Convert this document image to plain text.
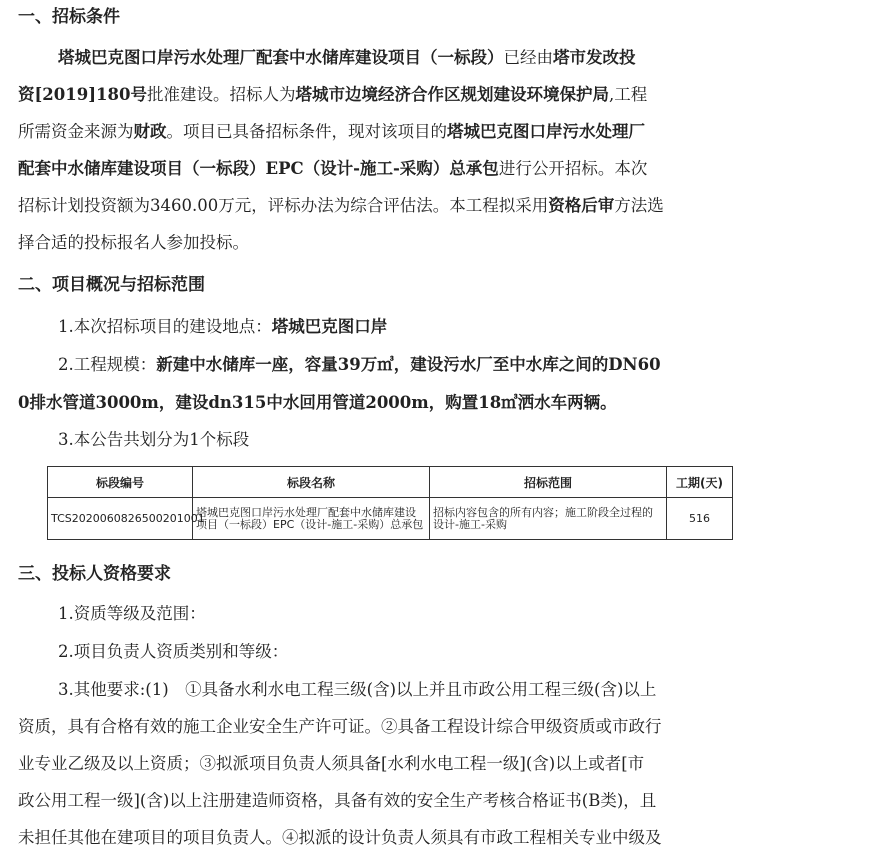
一、招标条件
塔城巴克图口岸污水处理厂配套中水储库建设项目（一标段）已经由塔市发改投
资[2019]180号批准建设。招标人为塔城市边境经济合作区规划建设环境保护局,工程
所需资金来源为财政。项目已具备招标条件，现对该项目的塔城巴克图口岸污水处理厂
配套中水储库建设项目（一标段）EPC（设计-施工-采购）总承包进行公开招标。本次
招标计划投资额为3460.00万元，评标办法为综合评估法。本工程拟采用资格后审方法选
择合适的投标报名人参加投标。
二、项目概况与招标范围
1.本次招标项目的建设地点：塔城巴克图口岸
2.工程规模：新建中水储库一座，容量39万㎥，建设污水厂至中水库之间的DN60
0排水管道3000m，建设dn315中水回用管道2000m，购置18㎥洒水车两辆。
3.本公告共划分为1个标段
标段编号	标段名称	招标范围	工期(天)
TCS2020060826500201001	塔城巴克图口岸污水处理厂配套中水储库建设项目（一标段）EPC（设计-施工-采购）总承包	招标内容包含的所有内容；施工阶段全过程的设计-施工-采购	516
三、投标人资格要求
1.资质等级及范围：
2.项目负责人资质类别和等级：
3.其他要求:(1)　①具备水利水电工程三级(含)以上并且市政公用工程三级(含)以上
资质，具有合格有效的施工企业安全生产许可证。②具备工程设计综合甲级资质或市政行
业专业乙级及以上资质；③拟派项目负责人须具备[水利水电工程一级](含)以上或者[市
政公用工程一级](含)以上注册建造师资格，具备有效的安全生产考核合格证书(B类)，且
未担任其他在建项目的项目负责人。④拟派的设计负责人须具有市政工程相关专业中级及
